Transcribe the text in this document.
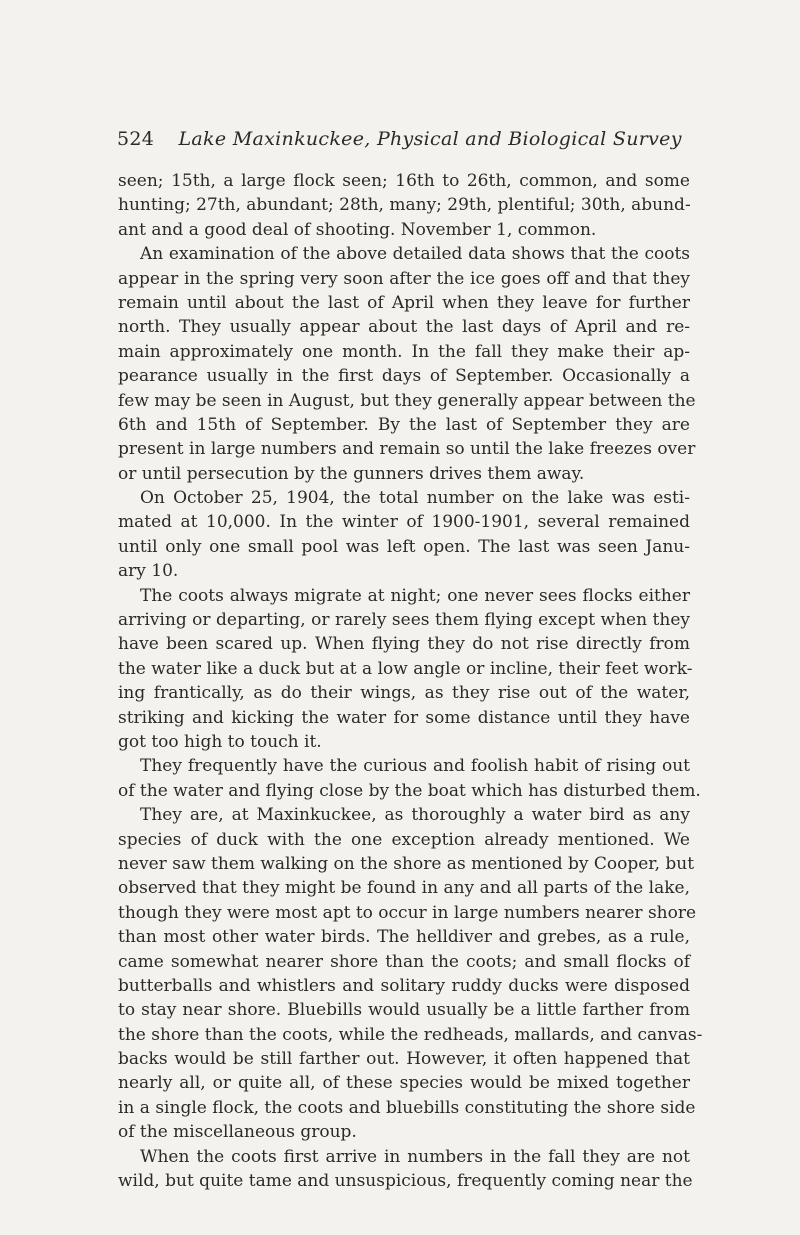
524 Lake Maxinkuckee, Physical and Biological Survey
seen; 15th, a large flock seen; 16th to 26th, common, and some
hunting; 27th, abundant; 28th, many; 29th, plentiful; 30th, abund-
ant and a good deal of shooting. November 1, common.
An examination of the above detailed data shows that the coots
appear in the spring very soon after the ice goes off and that they
remain until about the last of April when they leave for further
north. They usually appear about the last days of April and re-
main approximately one month. In the fall they make their ap-
pearance usually in the first days of September. Occasionally a
few may be seen in August, but they generally appear between the
6th and 15th of September. By the last of September they are
present in large numbers and remain so until the lake freezes over
or until persecution by the gunners drives them away.
On October 25, 1904, the total number on the lake was esti-
mated at 10,000. In the winter of 1900-1901, several remained
until only one small pool was left open. The last was seen Janu-
ary 10.
The coots always migrate at night; one never sees flocks either
arriving or departing, or rarely sees them flying except when they
have been scared up. When flying they do not rise directly from
the water like a duck but at a low angle or incline, their feet work-
ing frantically, as do their wings, as they rise out of the water,
striking and kicking the water for some distance until they have
got too high to touch it.
They frequently have the curious and foolish habit of rising out
of the water and flying close by the boat which has disturbed them.
They are, at Maxinkuckee, as thoroughly a water bird as any
species of duck with the one exception already mentioned. We
never saw them walking on the shore as mentioned by Cooper, but
observed that they might be found in any and all parts of the lake,
though they were most apt to occur in large numbers nearer shore
than most other water birds. The helldiver and grebes, as a rule,
came somewhat nearer shore than the coots; and small flocks of
butterballs and whistlers and solitary ruddy ducks were disposed
to stay near shore. Bluebills would usually be a little farther from
the shore than the coots, while the redheads, mallards, and canvas-
backs would be still farther out. However, it often happened that
nearly all, or quite all, of these species would be mixed together
in a single flock, the coots and bluebills constituting the shore side
of the miscellaneous group.
When the coots first arrive in numbers in the fall they are not
wild, but quite tame and unsuspicious, frequently coming near the
